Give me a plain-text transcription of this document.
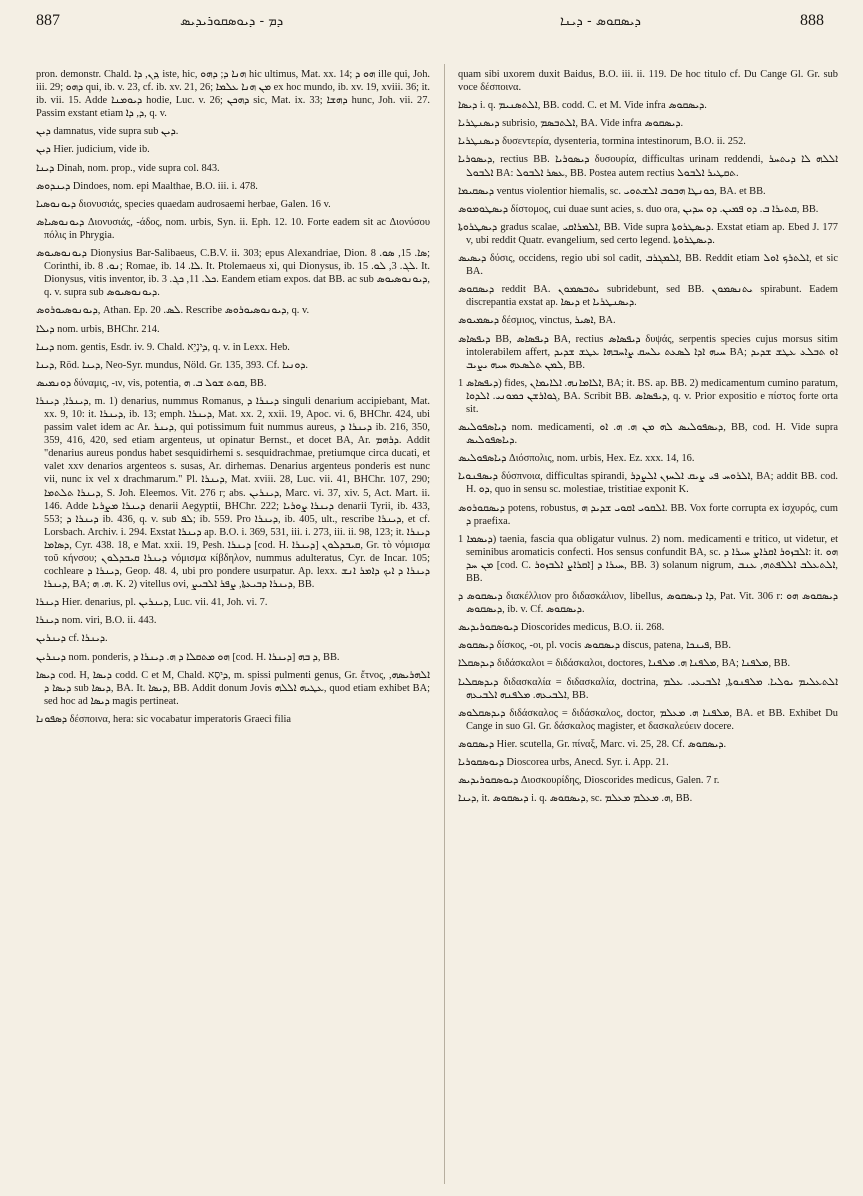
887	ܕܡ - ܕܝܘܣܩܘܪܝܕܝܣ	ܕܝܣܩܘܣ - ܕܝܢܐ	888

pron. demonstr. Chald. ܕܢ, ܕܐ, iste, hic, ܗܢܐ ܕ; ܕܗܘ hic ultimus, Mat. xx. 14; ܗܘ ܕ ille qui, Joh. iii. 29; ܕܗܘ qui, ib. v. 23, cf. ib. xv. 21, 26; ܡܢ ܗܢܐ ܥܠܡܐ ex hoc mundo, ib. xv. 19, xviii. 36; it. ib. vii. 15. Adde ܕܝܘܡܢܐ hodie, Luc. v. 26; ܕܗܟܢ sic, Mat. ix. 33; ܕܗܫܐ hunc, Joh. vii. 27. Passim exstant etiam ܕ, ܕܐ, q. v.

ܕܝܢ damnatus, vide supra sub ܕܝܢ.

ܕܝܢ Hier. judicium, vide ib.

ܕܝܢܐ Dinah, nom. prop., vide supra col. 843.

ܕܝܢܕܘܣ Dindoes, nom. epi Maalthae, B.O. iii. i. 478.

ܕܝܘܢܘܣܝܐ διονυσιάς, species quaedam audrosaemi herbae, Galen. 16 v.

ܕܝܘܢܘܣܝܐܣ Διονυσιάς, -άδος, nom. urbis, Syn. ii. Eph. 12. 10. Forte eadem sit ac Διονύσου πόλις in Phrygia.

ܕܝܘܢܘܣܝܘܣ Dionysius Bar-Salibaeus, C.B.V. ii. 303; epus Alexandriae, Dion. ܣܐ. 15, ܣܘ. 8; Corinthi, ib. ܢܘ. 8; Romae, ib. ܠܐ. 14. It. Ptolemaeus xi, qui Dionysus, ib. ܠܓ. 3, ܠܘ. 15. It. Dionysus, vitis inventor, ib. ܟܠ. 11, ܟܓ. 3. Eandem etiam expos. dat BB. ac sub ܕܝܘܢܘܣܝܘܣ, q. v. supra sub ܕܝܘܢܘܣܝܘܣ.

ܕܝܘܢܘܣܝܘܪܘܣ, Athan. Ep. ܠܣ. 20. Rescribe ܕܝܘܢܘܣܝܘܪܘܣ, q. v.

ܕܝܠܐ nom. urbis, BHChr. 214.

ܕܝܢܐ nom. gentis, Esdr. iv. 9. Chald. ܕִּינָיֵא, q. v. in Lexx. Heb.

ܕܝܢܐ, Röd. ܕܝܢܐ, Neo-Syr. mundus, Nöld. Gr. 135, 393. Cf. ܕܘܢܝܐ.

ܕܘܢܡܝܣ δύναμις, -ιν, vis, potentia, ܩܘܬ ܫܘܠ ܒ. ܗ, BB.

ܕܝܢܪܐ, ܕܝܢܪܐ, m. 1) denarius, nummus Romanus, ܕܝܢܪܐ ܕ singuli denarium accipiebant, Mat. xx. 9, 10: it. ܕܝܢܪܐ, ib. 13; emph. ܕܝܢܪܐ, Mat. xx. 2, xxii. 19, Apoc. vi. 6, BHChr. 424, ubi passim valet idem ac Ar. ܕܝܢܪ, qui potissimum fuit nummus aureus, ܕܝܢܪܐ ܕ ib. 216, 350, 359, 416, 420, sed etiam argenteus, ut opinatur Bernst., et docet BA, Ar. ܕܪܗܡ. Addit "denarius aureus pondus habet sesquidirhemi s. sesquidrachmae, pretiumque circa ducati, et valet xxv denarios argenteos s. susas, Ar. dirhemas. Denarius argenteus ponderis est nunc vii, nunc ix vel x drachmarum." Pl. ܕܝܢܪܐ, Mat. xviii. 28, Luc. vii. 41, BHChr. 107, 290; ܕܝܢܪܐ ܬܠܬܡܐ, S. Joh. Eleemos. Vit. 276 r; abs. ܕܝܢܪܝܢ, Marc. vi. 37, xiv. 5, Act. Mart. ii. 146. Adde ܕܝܢܪܐ ܡܨܪܝܐ denarii Aegyptii, BHChr. 222; ܕܝܢܪܐ ܨܘܪܝܐ denarii Tyrii, ib. 433, 553; ܕܝܢܪܐ ܕ ib. 436, q. v. sub ܠܦ; ib. 559. Pro ܕܝܢܪܐ, ib. 405, ult., rescribe ܕܝܢܪܐ, et cf. Lorsbach. Archiv. i. 294. Exstat ܕܝܢܪܐ ap. B.O. i. 369, 531, iii. i. 273, iii. ii. 98, 123; it. ܕܝܢܪܐ ܕܣܐܡܐ, Cyr. 438. 18, e Mat. xxii. 19, Pesh. ܕܝܢܪܐ [cod. H. ܕܝܢܪܐ] ܩܝܒܕܠܘܢ, Gr. τὸ νόμισμα τοῦ κήνσου; ܕܝܢܪܐ ܩܝܒܕܠܘܢ νόμισμα κίβδηλον, nummus adulteratus, Cyr. de Incar. 105; cochleare ܕܝܢܪܐ ܕ, Geop. 48. 4, ubi pro pondere usurpatur. Ap. lexx. ܕܝܢܪܐ ܕ ܐܝܟ ܕܐܡܪ ܐܢܫ ܕܝܢܪܐ, BA; ܗ. ܗ. K. 2) vitellus ovi, ܕܝܢܪܐ ܕܒܝܥܬܐ, ܨܦܪ ܐܠܒܝܨ, BB.

ܕܝܢܪܐ Hier. denarius, pl. ܕܝܢܪܝܢ, Luc. vii. 41, Joh. vi. 7.

ܕܝܢܪܐ nom. viri, B.O. ii. 443.

ܕܝܢܪܝܢ cf. ܕܝܢܪܐ.

ܕܝܢܪܝܢ nom. ponderis, ܗܘ ܡܬܩܠܐ ܕ ܗ. ܕܝܢܪܐ ܕ [cod. H. ܕܝܢܪܐ] ܕ ܒܗ, BB.

ܕܝܣܐ cod. H, ܕܝܣܐ codd. C et M, Chald. ܕִּיסָא, m. spissi pulmenti genus, Gr. ἔτνος, ܐܠܗܪܝܣܗ, ܕܝܣܐ ܕ sub ܕܝܣܐ, BA. It. ܕܝܣܐ, BB. Addit donum Jovis ܥܛܝܗ ܐܠܠܗ, quod etiam exhibet BA; sed hoc ad ܕܝܣܐ magis pertineat.

ܕܣܦܘܢܐ δέσποινα, hera: sic vocabatur imperatoris Graeci filia

quam sibi uxorem duxit Baidus, B.O. iii. ii. 119. De hoc titulo cf. Du Cange Gl. Gr. sub voce δέσποινα.

ܕܝܣܐ i. q. ܐܠܬܣܢܝܡ, BB. codd. C. et M. Vide infra ܕܝܣܩܘܣ.

ܕܝܣܢܛܪܝܐ subrisio, ܐܠܬܒܣܡ, BA. Vide infra ܕܝܣܩܘܣ.

ܕܝܣܢܛܪܝܐ δυσεντερία, dysenteria, tormina intestinorum, B.O. ii. 252.

ܕܝܣܘܪܝܐ, rectius BB. ܕܝܣܘܪܝܐ δυσουρία, difficultas urinam reddendi, ܐܠܠܗ ܠܐ ܕܝܬܚܪ ܐܠܒܘܠ BA: ܥܣܪ ܐܠܒܘܠ, BB. Postea autem rectius ܬܩܛܝܪ ܐܠܒܘܠ.

ܕܝܣܩܝܡܐ ventus violentior hiemalis, sc. ܟܘܢܛܐ ܗܒܘܒ ܐܠܫܬܘܝ, BA. et BB.

ܕܝܣܛܘܡܘܣ δίστομος, cui duae sunt acies, s. duo ora, ܩܬܝܪܐ ܒ. ܕܘ ܦܡܝܢ. ܕܘ ܚܕܝܢ, BB.

ܕܝܣܛܪܘܬܐ gradus scalae, ܐܠܡܪܐܩܝ, BB. Vide supra ܕܝܣܛܪܘܬܐ. Exstat etiam ap. Ebed J. 177 v, ubi reddit Quatr. evangelium, sed certo legend. ܕܝܣܛܪܘܬܐ.

ܕܝܣܝܣ δύσις, occidens, regio ubi sol cadit, ܐܠܡܓܪܒ, BB. Reddit etiam ܐܠܬܪܟ ܐܘܠ, et sic BA.

ܕܝܣܩܘܣ reddit BA. ܝܬܒܣܡܘܢ subridebunt, sed BB. ܝܬܢܣܡܘܢ spirabunt. Eadem discrepantia exstat ap. ܕܝܣܐ et ܕܝܣܢܛܪܝܐ.

ܕܝܣܡܝܘܣ δέσμιος, vinctus, ܐܣܝܪ, BA.

ܕܝܦܣܐܣ BB, ܕܝܦܣܐܣ BA, rectius ܕܝܦܣܐܣ δυψάς, serpentis species cujus morsus sitim intolerabilem affert, ܚܝܗ ܐܕܐ ܠܣܥܬ ܝܠܚܩ ܨܐܚܒܗܐ ܥܛܫ ܫܕܝܕ BA; ܐܘ ܬܒܠܥ ܥܛܫ ܫܕܝܕ ܠܡܢ ܬܠܣܥܗ ܚܝܗ ܝܨܝܒ, BB.

ܕܝܦܣܐܣ 1) fides, ܐܠܐܡܐܢܗ. ܐܠܐܝܡܐܢ, BA; it. BS. ap. BB. 2) medicamentum cumino paratum, ܓܘܐܪܫܢ ܟܡܘܢܝ. ܐܠܕܘܐ, BA. Scribit BB. ܕܝܦܣܐܣ, q. v. Prior expositio e πίστος forte orta sit.

ܕܝܐܣܦܘܠܝܣ nom. medicamenti, ܕܝܣܦܘܠܝܣ ܠܗ ܡܢ ܗ. ܗ. ܐܘ, BB, cod. H. Vide supra ܕܝܐܣܦܘܠܝܣ.

ܕܝܐܣܦܘܠܝܣ Διόσπολις, nom. urbis, Hex. Ez. xxx. 14, 16.

ܕܝܣܦܢܘܝܐ δύσπνοια, difficultas spirandi, ܐܠܪܘܚ ܦܝ ܨܝܩ ܐܠܚܙܢ ܐܠܨܕܪ, BA; addit BB. cod. H. ܕܘ, quo in sensu sc. molestiae, tristitiae exponit K.

ܕܝܣܩܘܪܘܣ potens, robustus, ܐܠܩܘܝ ܐܩܘܝ ܫܕܝܕ ܗ. BB. Vox forte corrupta ex ἰσχυρός, cum ܕ praefixa.

ܕܝܣܡܐ 1) taenia, fascia qua obligatur vulnus. 2) nom. medicamenti e tritico, ut videtur, et seminibus aromaticis confecti. Hos sensus confundit BA, sc. ܐܠܒܙܘܪ ܐܩܪܐܨ ܚܝܪܐ ܕ: it. ܗܘ ܡܢ ܚܕ [cod. C. ܐܩܪܐܨ ܐܠܒܙܘܪ] ܚܝܪܐ ܕ, BB. 3) solanum nigrum, ܐܠܬܥܠܒ ܐܠܠܦܬܗ, ܥܢܒ, BB.

ܕܝܣܩܘܣ ܕ διακέλλιον pro διδασκάλιον, libellus, ܕܐ ܕܝܣܩܘܣ, Pat. Vit. 306 r: ܕܝܣܩܘܣ ܗܘ ܕܝܣܩܘܣ, ib. v. Cf. ܕܝܣܩܘܣ.

ܕܝܘܣܩܘܪܝܕܝܣ Dioscorides medicus, B.O. ii. 268.

ܕܝܣܩܘܣ δίσκος, -οι, pl. vocis ܕܝܣܩܘܣ discus, patena, ܦܝܢܟܐ, BB.

ܕܝܕܣܩܠܐ διδάσκαλοι = διδάσκαλοι, doctores, ܡܠܦܢܐ ܗ. ܡܠܦܢܐ, BA; ܡܠܦܢܐ, BB.

ܕܝܕܣܩܠܝܐ διδασκαλία = διδασκαλία, doctrina, ܐܠܬܥܠܝܡ ܝܘܠܝܐ. ܡܠܦܢܘܬܐ, ܐܠܒܝܥܝ. ܥܠܡ ܐܠܒܝܥܗ. ܡܠܦܢܗ ܐܠܒܝܥܗ, BB.

ܕܝܕܣܩܠܘܣ διδάσκαλος = διδάσκαλος, doctor, ܡܠܦܢܐ ܗ. ܡܥܠܡ, BA. et BB. Exhibet Du Cange in suo Gl. Gr. δάσκαλος magister, et δασκαλεύειν docere.

ܕܝܣܩܘܣ Hier. scutella, Gr. πίναξ, Marc. vi. 25, 28. Cf. ܕܝܣܩܘܣ.

ܕܝܘܣܩܘܪܝܐ Dioscorea urbs, Anecd. Syr. i. App. 21.

ܕܝܘܣܩܘܪܝܕܝܣ Διοσκουρίδης, Dioscorides medicus, Galen. 7 r.

ܕܝܢܐ, it. ܕܝܣܩܘܣ i. q. ܕܝܣܩܘܣ, sc. ܗ. ܡܥܠܡ ܡܥܠܡ, BB.
